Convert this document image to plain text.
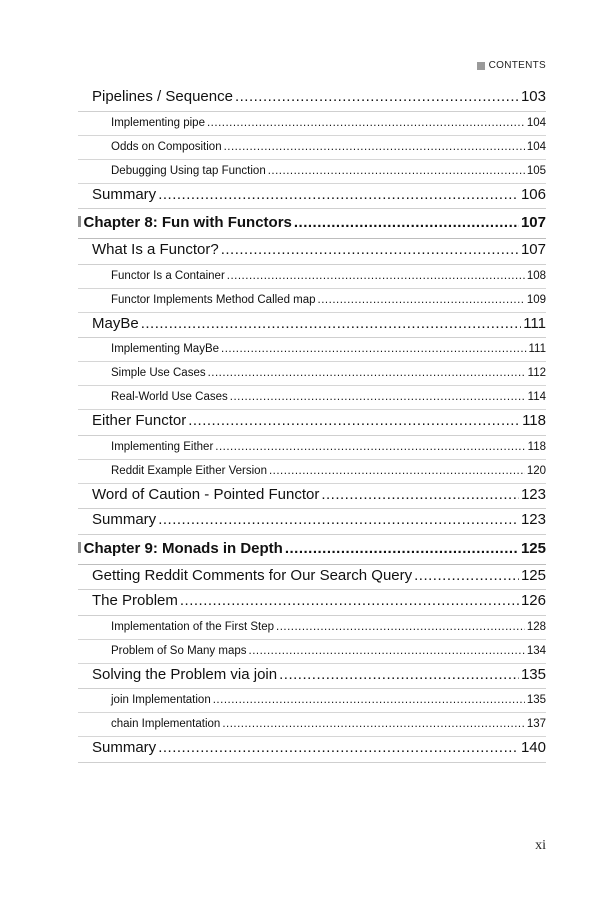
CONTENTS
Pipelines / Sequence .....	103
Implementing pipe .....	104
Odds on Composition .....	104
Debugging Using tap Function .....	105
Summary .....	106
Chapter 8: Fun with Functors .....	107
What Is a Functor? .....	107
Functor Is a Container .....	108
Functor Implements Method Called map .....	109
MayBe .....	111
Implementing MayBe .....	111
Simple Use Cases .....	112
Real-World Use Cases .....	114
Either Functor .....	118
Implementing Either .....	118
Reddit Example Either Version .....	120
Word of Caution - Pointed Functor .....	123
Summary .....	123
Chapter 9: Monads in Depth .....	125
Getting Reddit Comments for Our Search Query .....	125
The Problem .....	126
Implementation of the First Step .....	128
Problem of So Many maps .....	134
Solving the Problem via join .....	135
join Implementation .....	135
chain Implementation .....	137
Summary .....	140
xi
